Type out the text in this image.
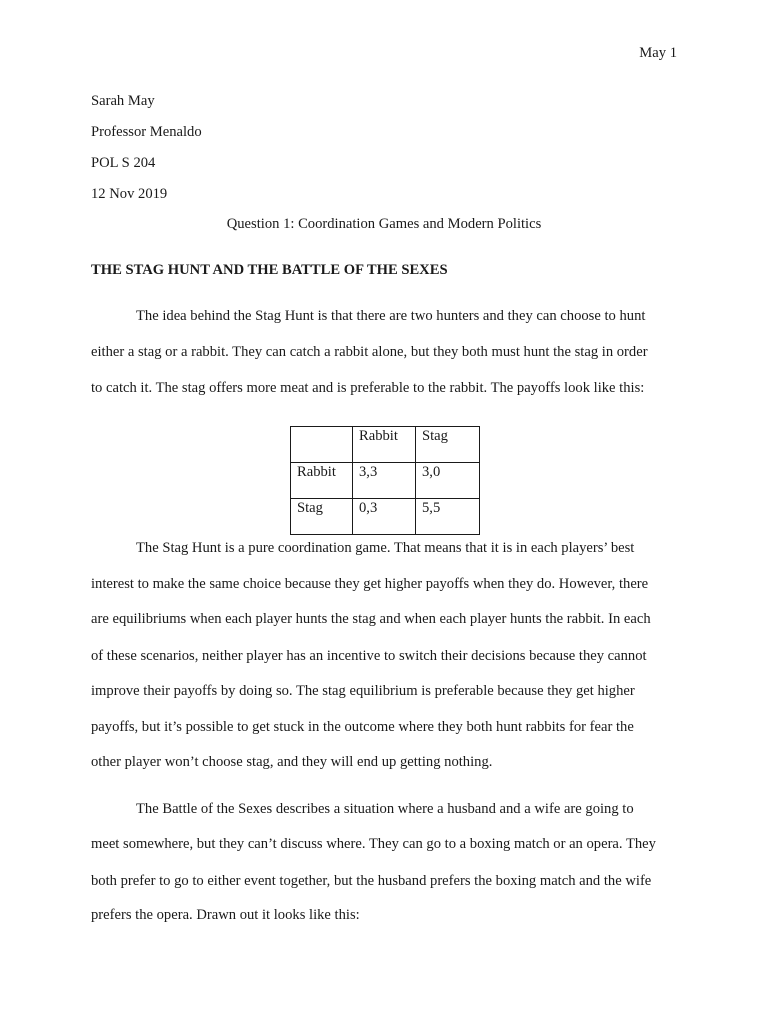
May 1

Sarah May

Professor Menaldo

POL S 204

12 Nov 2019

Question 1: Coordination Games and Modern Politics

THE STAG HUNT AND THE BATTLE OF THE SEXES

The idea behind the Stag Hunt is that there are two hunters and they can choose to hunt

either a stag or a rabbit. They can catch a rabbit alone, but they both must hunt the stag in order

to catch it. The stag offers more meat and is preferable to the rabbit. The payoffs look like this:

	Rabbit	Stag
Rabbit	3,3	3,0
Stag	0,3	5,5

The Stag Hunt is a pure coordination game. That means that it is in each players’ best

interest to make the same choice because they get higher payoffs when they do. However, there

are equilibriums when each player hunts the stag and when each player hunts the rabbit. In each

of these scenarios, neither player has an incentive to switch their decisions because they cannot

improve their payoffs by doing so. The stag equilibrium is preferable because they get higher

payoffs, but it’s possible to get stuck in the outcome where they both hunt rabbits for fear the

other player won’t choose stag, and they will end up getting nothing.

The Battle of the Sexes describes a situation where a husband and a wife are going to

meet somewhere, but they can’t discuss where. They can go to a boxing match or an opera. They

both prefer to go to either event together, but the husband prefers the boxing match and the wife

prefers the opera. Drawn out it looks like this:
